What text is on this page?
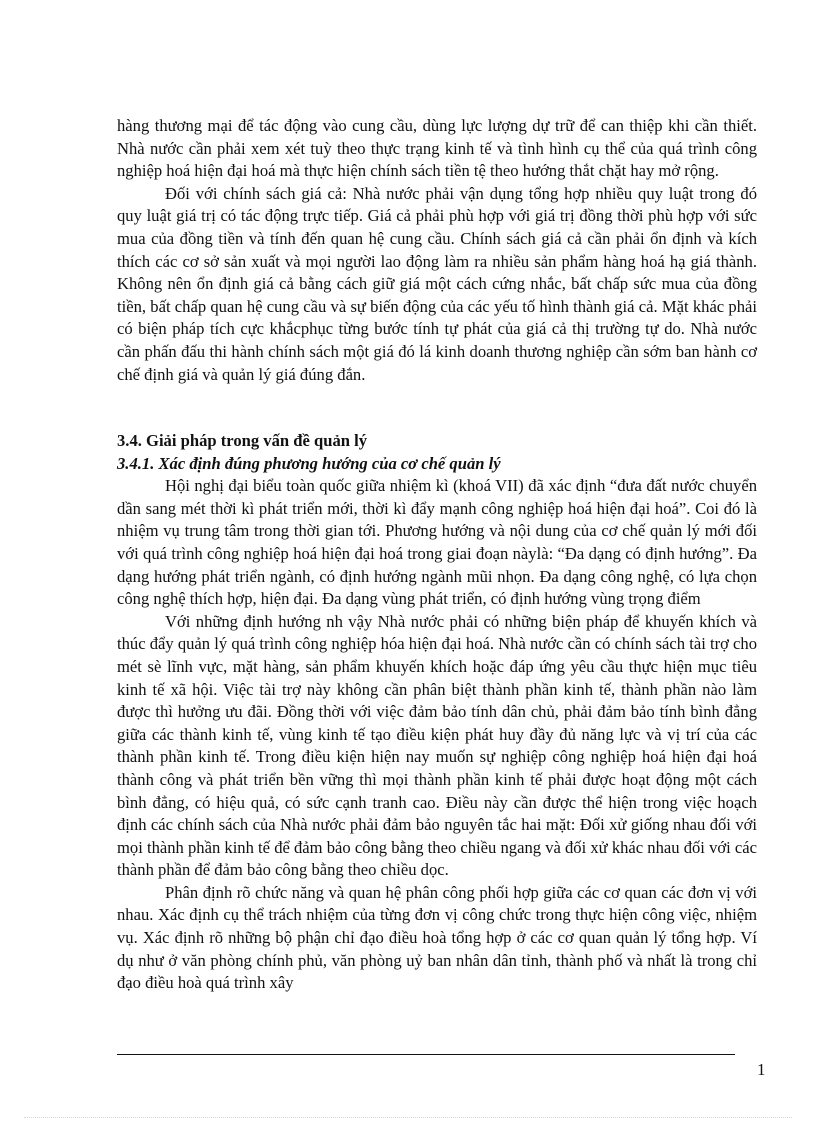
hàng thương mại để tác động vào cung cầu, dùng lực lượng dự trữ để can thiệp khi cần thiết. Nhà nước cần phải xem xét tuỳ theo thực trạng kinh tế và tình hình cụ thể của quá trình công nghiệp hoá hiện đại hoá mà thực hiện chính sách tiền tệ theo hướng thắt chặt hay mở rộng.

Đối với chính sách giá cả: Nhà nước phải vận dụng tổng hợp nhiều quy luật trong đó quy luật giá trị có tác động trực tiếp. Giá cả phải phù hợp với giá trị đồng thời phù hợp với sức mua của đồng tiền và tính đến quan hệ cung cầu. Chính sách giá cả cần phải ổn định và kích thích các cơ sở sản xuất và mọi người lao động làm ra nhiều sản phẩm hàng hoá hạ giá thành. Không nên ổn định giá cả bằng cách giữ giá một cách cứng nhắc, bất chấp sức mua của đồng tiền, bất chấp quan hệ cung cầu và sự biến động của các yếu tố hình thành giá cả. Mặt khác phải có biện pháp tích cực khắcphục từng bước tính tự phát của giá cả thị trường tự do. Nhà nước cần phấn đấu thi hành chính sách một giá đó lá kinh doanh thương nghiệp cần sớm ban hành cơ chế định giá và quản lý giá đúng đắn.

3.4. Giải pháp trong vấn đề quản lý
3.4.1. Xác định đúng phương hướng của cơ chế quản lý

Hội nghị đại biểu toàn quốc giữa nhiệm kì (khoá VII) đã xác định “đưa đất nước chuyển dần sang mét thời kì phát triển mới, thời kì đẩy mạnh công nghiệp hoá hiện đại hoá”. Coi đó là nhiệm vụ trung tâm trong thời gian tới. Phương hướng và nội dung của cơ chế quản lý mới đối với quá trình công nghiệp hoá hiện đại hoá trong giai đoạn nàylà: “Đa dạng có định hướng”. Đa dạng hướng phát triển ngành, có định hướng ngành mũi nhọn. Đa dạng công nghệ, có lựa chọn công nghệ thích hợp, hiện đại. Đa dạng vùng phát triển, có định hướng vùng trọng điểm

Với những định hướng nh vậy Nhà nước phải có những biện pháp để khuyến khích và thúc đẩy quản lý quá trình công nghiệp hóa hiện đại hoá. Nhà nước cần có chính sách tài trợ cho mét sè lĩnh vực, mặt hàng, sản phẩm khuyến khích hoặc đáp ứng yêu cầu thực hiện mục tiêu kinh tế xã hội. Việc tài trợ này không cần phân biệt thành phần kinh tế, thành phần nào làm được thì hưởng ưu đãi. Đồng thời với việc đảm bảo tính dân chủ, phải đảm bảo tính bình đẳng giữa các thành kinh tế, vùng kinh tế tạo điều kiện phát huy đầy đủ năng lực và vị trí của các thành phần kinh tế. Trong điều kiện hiện nay muốn sự nghiệp công nghiệp hoá hiện đại hoá thành công và phát triển bền vững thì mọi thành phần kinh tế phải được hoạt động một cách bình đẳng, có hiệu quả, có sức cạnh tranh cao. Điều này cần được thể hiện trong việc hoạch định các chính sách của Nhà nước phải đảm bảo nguyên tắc hai mặt: Đối xử giống nhau đối với mọi thành phần kinh tế để đảm bảo công bằng theo chiều ngang và đối xử khác nhau đối với các thành phần để đảm bảo công bằng theo chiều dọc.

Phân định rõ chức năng và quan hệ phân công phối hợp giữa các cơ quan các đơn vị với nhau. Xác định cụ thể trách nhiệm của từng đơn vị công chức trong thực hiện công việc, nhiệm vụ. Xác định rõ những bộ phận chỉ đạo điều hoà tổng hợp ở các cơ quan quản lý tổng hợp. Ví dụ như ở văn phòng chính phủ, văn phòng uỷ ban nhân dân tỉnh, thành phố và nhất là trong chỉ đạo điều hoà quá trình xây

1
